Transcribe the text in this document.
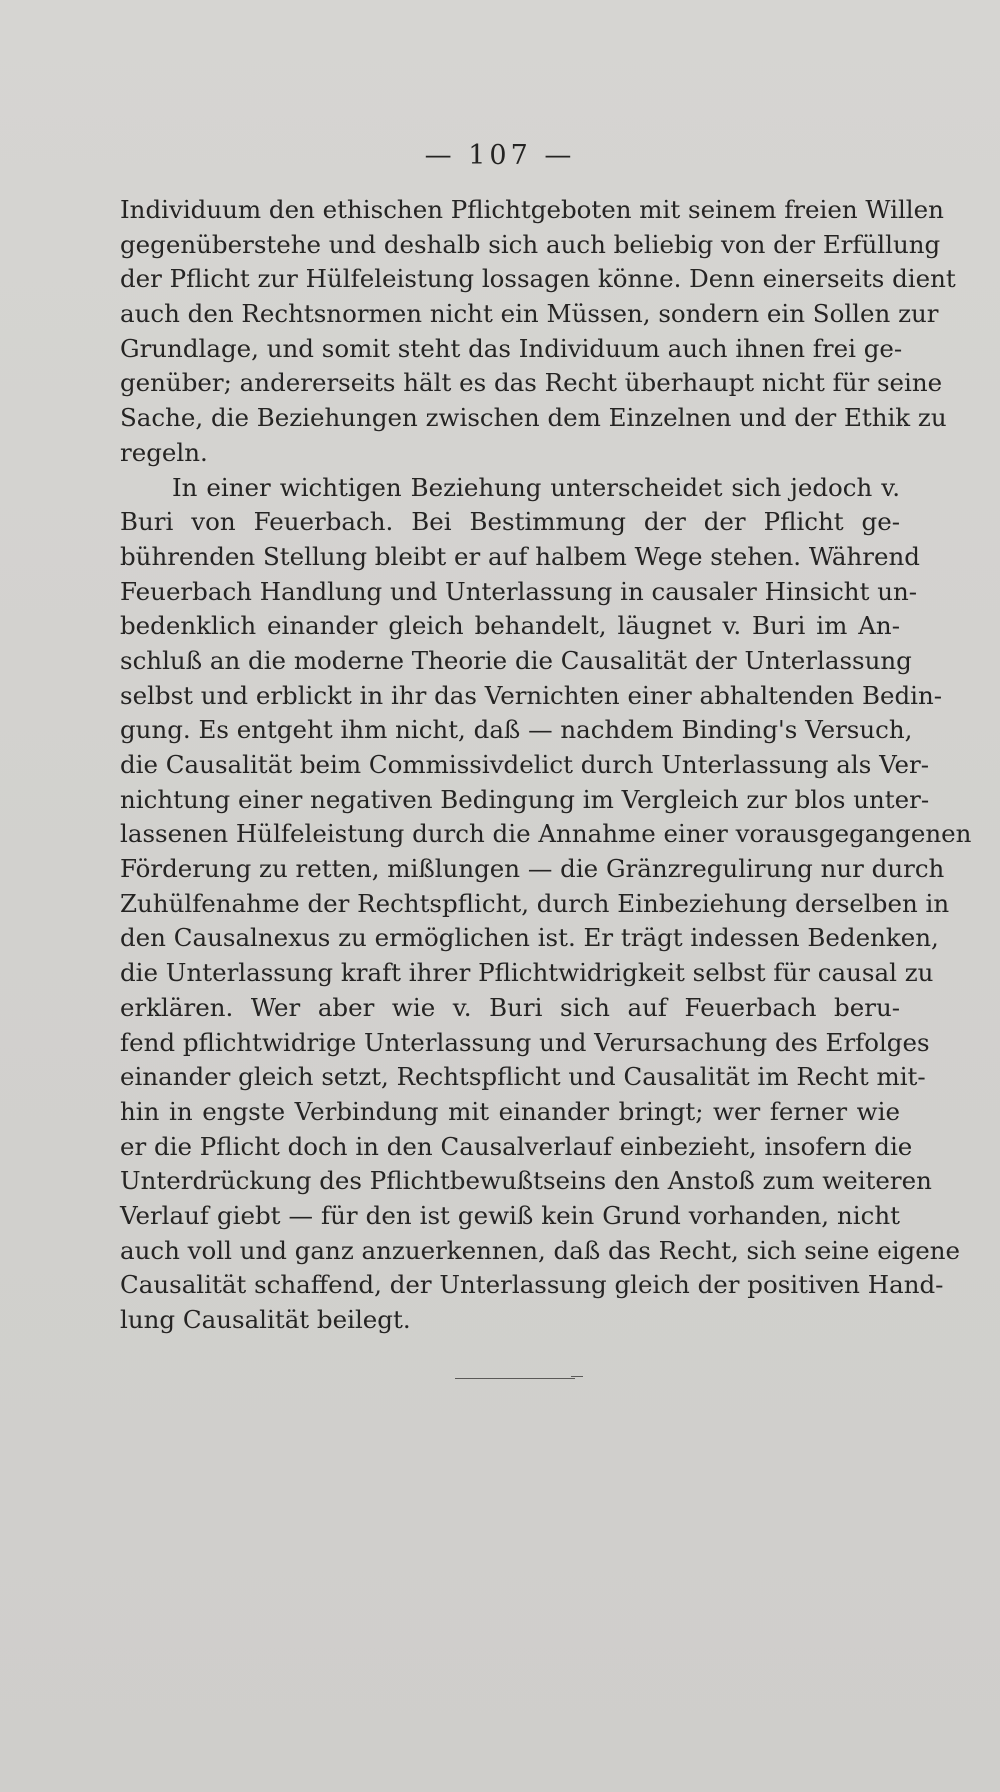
— 107 —
Individuum den ethischen Pflichtgeboten mit seinem freien Willen
gegenüberstehe und deshalb sich auch beliebig von der Erfüllung
der Pflicht zur Hülfeleistung lossagen könne. Denn einerseits dient
auch den Rechtsnormen nicht ein Müssen, sondern ein Sollen zur
Grundlage, und somit steht das Individuum auch ihnen frei ge-
genüber; andererseits hält es das Recht überhaupt nicht für seine
Sache, die Beziehungen zwischen dem Einzelnen und der Ethik zu
regeln.
In einer wichtigen Beziehung unterscheidet sich jedoch v.
Buri von Feuerbach. Bei Bestimmung der der Pflicht ge-
bührenden Stellung bleibt er auf halbem Wege stehen. Während
Feuerbach Handlung und Unterlassung in causaler Hinsicht un-
bedenklich einander gleich behandelt, läugnet v. Buri im An-
schluß an die moderne Theorie die Causalität der Unterlassung
selbst und erblickt in ihr das Vernichten einer abhaltenden Bedin-
gung. Es entgeht ihm nicht, daß — nachdem Binding's Versuch,
die Causalität beim Commissivdelict durch Unterlassung als Ver-
nichtung einer negativen Bedingung im Vergleich zur blos unter-
lassenen Hülfeleistung durch die Annahme einer vorausgegangenen
Förderung zu retten, mißlungen — die Gränzregulirung nur durch
Zuhülfenahme der Rechtspflicht, durch Einbeziehung derselben in
den Causalnexus zu ermöglichen ist. Er trägt indessen Bedenken,
die Unterlassung kraft ihrer Pflichtwidrigkeit selbst für causal zu
erklären. Wer aber wie v. Buri sich auf Feuerbach beru-
fend pflichtwidrige Unterlassung und Verursachung des Erfolges
einander gleich setzt, Rechtspflicht und Causalität im Recht mit-
hin in engste Verbindung mit einander bringt; wer ferner wie
er die Pflicht doch in den Causalverlauf einbezieht, insofern die
Unterdrückung des Pflichtbewußtseins den Anstoß zum weiteren
Verlauf giebt — für den ist gewiß kein Grund vorhanden, nicht
auch voll und ganz anzuerkennen, daß das Recht, sich seine eigene
Causalität schaffend, der Unterlassung gleich der positiven Hand-
lung Causalität beilegt.
